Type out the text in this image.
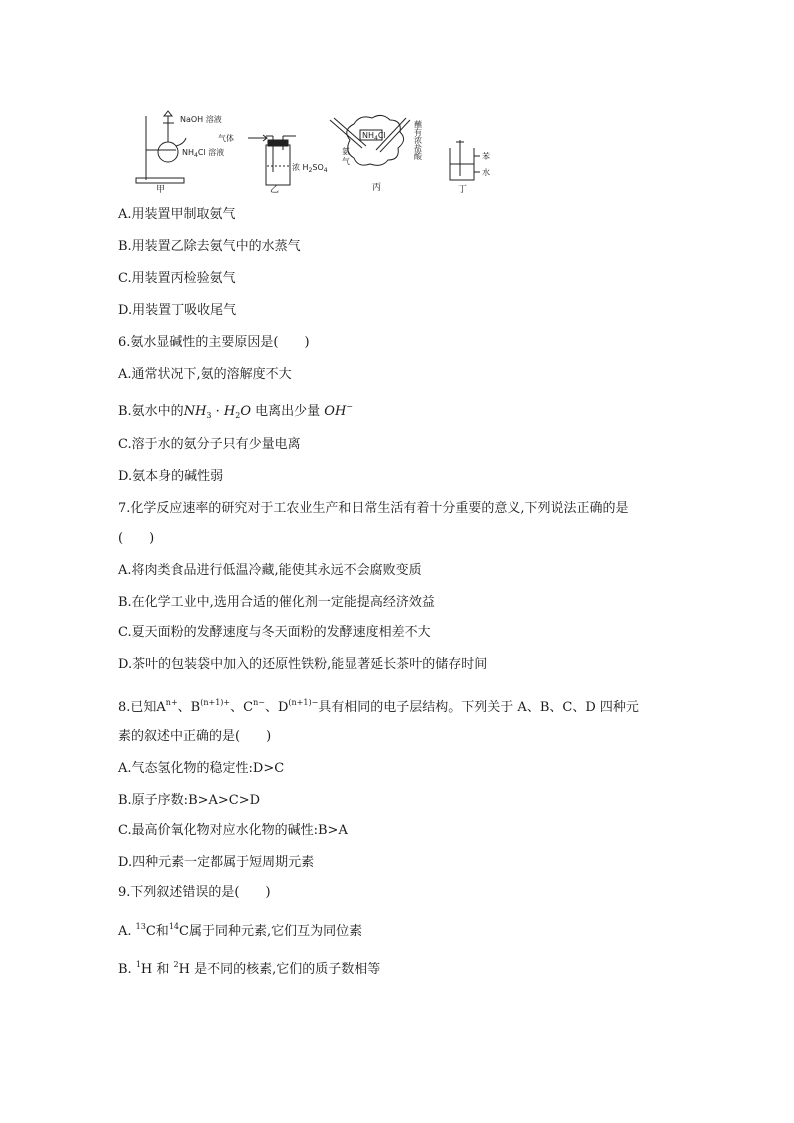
NaOH 溶液
$NH_4Cl$ 溶液
甲
气体
浓 $H_2SO_4$
乙
$NH_4Cl$
氨
气
蘸有浓盐酸
丙
苯
水
丁
A.用装置甲制取氨气
B.用装置乙除去氨气中的水蒸气
C.用装置丙检验氨气
D.用装置丁吸收尾气
6.氨水显碱性的主要原因是(　　)
A.通常状况下,氨的溶解度不大
B.氨水中的$NH_3 \cdot H_2O$ 电离出少量 OH−
C.溶于水的氨分子只有少量电离
D.氨本身的碱性弱
7.化学反应速率的研究对于工农业生产和日常生活有着十分重要的意义,下列说法正确的是
(　　)
A.将肉类食品进行低温冷藏,能使其永远不会腐败变质
B.在化学工业中,选用合适的催化剂一定能提高经济效益
C.夏天面粉的发酵速度与冬天面粉的发酵速度相差不大
D.茶叶的包装袋中加入的还原性铁粉,能显著延长茶叶的储存时间
8.已知$A^{n+}$、$B^{(n+1)+}$、$C^{n-}$、$D^{(n+1)-}$具有相同的电子层结构。下列关于 A、B、C、D 四种元
素的叙述中正确的是(　　)
A.气态氢化物的稳定性:D>C
B.原子序数:B>A>C>D
C.最高价氧化物对应水化物的碱性:B>A
D.四种元素一定都属于短周期元素
9.下列叙述错误的是(　　)
A. $^{13}$C和$^{14}$C属于同种元素,它们互为同位素
B. $^1$H 和 $^2$H 是不同的核素,它们的质子数相等
